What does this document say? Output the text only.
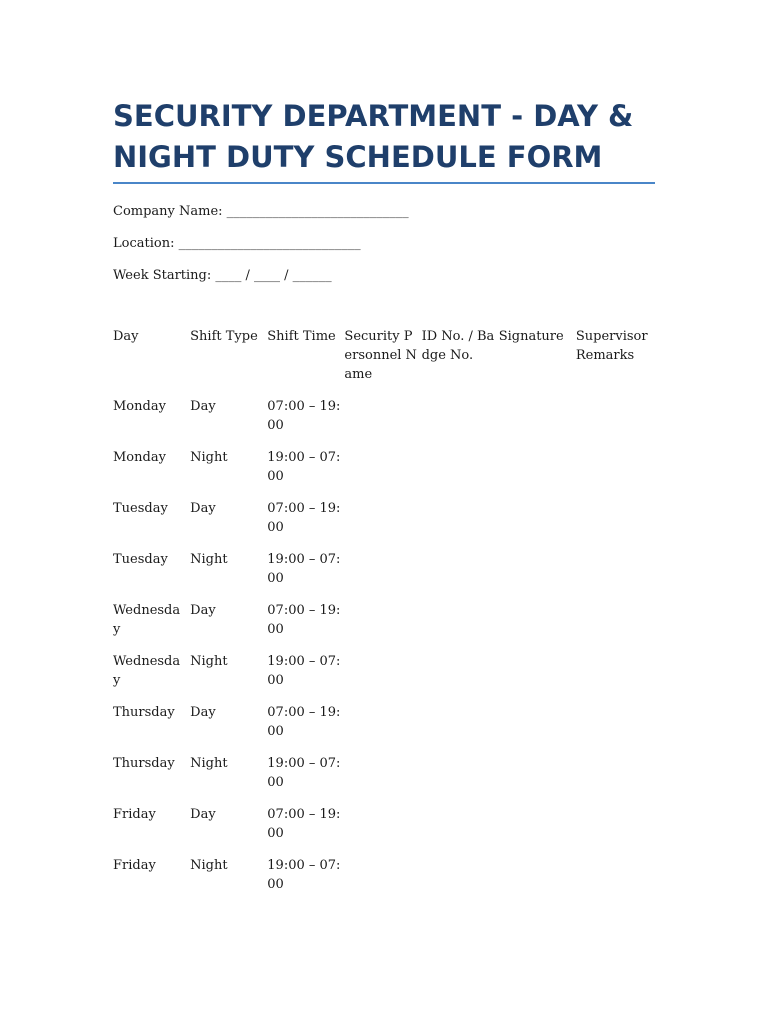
SECURITY DEPARTMENT - DAY & NIGHT DUTY SCHEDULE FORM
Company Name: ____________________________
Location: ____________________________
Week Starting: ____ / ____ / ______
Day	Shift Type	Shift Time	Security Personnel Name	ID No. / Badge No.	Signature	Supervisor Remarks

Monday	Day	07:00 – 19:00				

Monday	Night	19:00 – 07:00				

Tuesday	Day	07:00 – 19:00				

Tuesday	Night	19:00 – 07:00				

Wednesday	Day	07:00 – 19:00				

Wednesday	Night	19:00 – 07:00				

Thursday	Day	07:00 – 19:00				

Thursday	Night	19:00 – 07:00				

Friday	Day	07:00 – 19:00				

Friday	Night	19:00 – 07:00				
